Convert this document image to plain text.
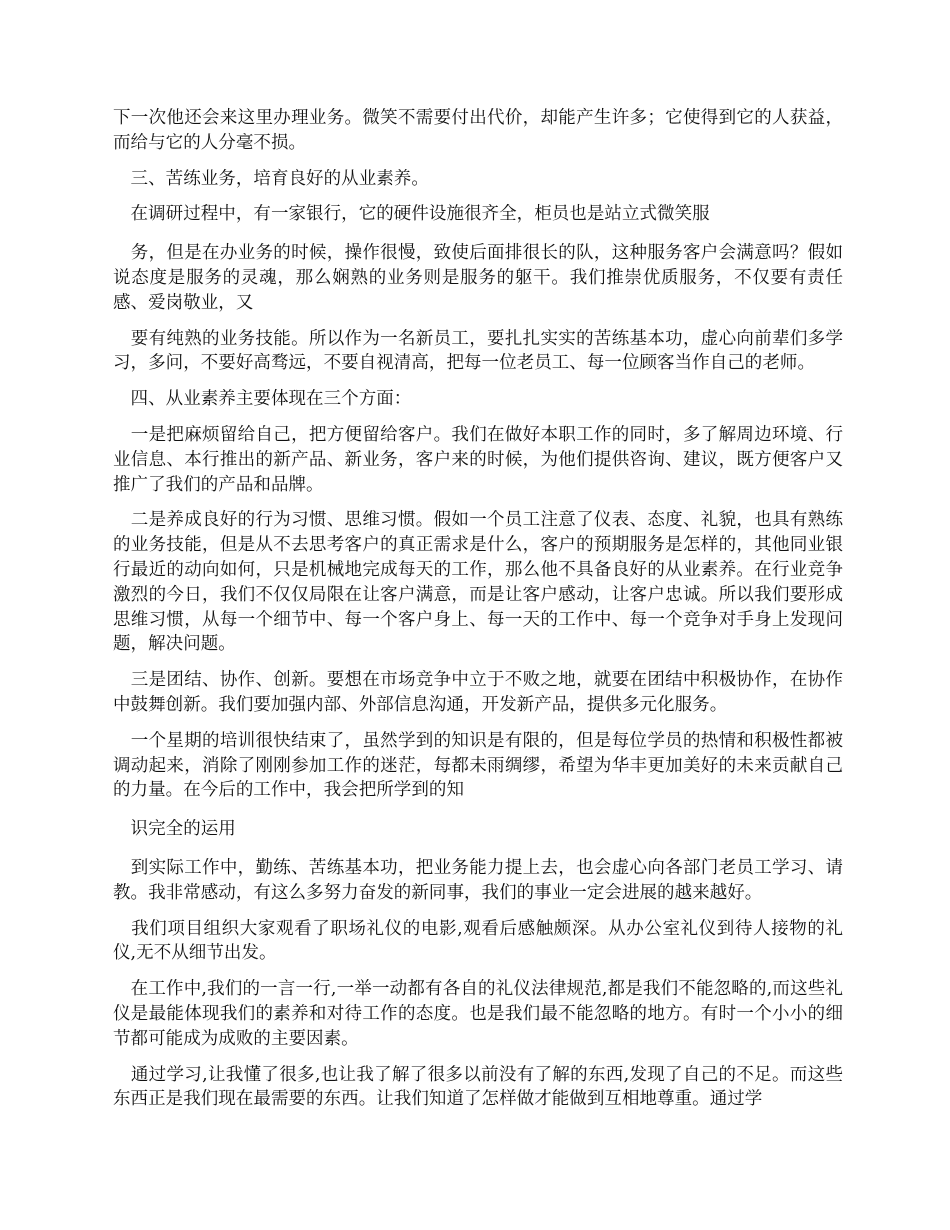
下一次他还会来这里办理业务。微笑不需要付出代价，却能产生许多；它使得到它的人获益，而给与它的人分毫不损。

　三、苦练业务，培育良好的从业素养。

　在调研过程中，有一家银行，它的硬件设施很齐全，柜员也是站立式微笑服

　务，但是在办业务的时候，操作很慢，致使后面排很长的队，这种服务客户会满意吗？假如说态度是服务的灵魂，那么娴熟的业务则是服务的躯干。我们推崇优质服务，不仅要有责任感、爱岗敬业，又

　要有纯熟的业务技能。所以作为一名新员工，要扎扎实实的苦练基本功，虚心向前辈们多学习，多问，不要好高骛远，不要自视清高，把每一位老员工、每一位顾客当作自己的老师。

　四、从业素养主要体现在三个方面：

　一是把麻烦留给自己，把方便留给客户。我们在做好本职工作的同时，多了解周边环境、行业信息、本行推出的新产品、新业务，客户来的时候，为他们提供咨询、建议，既方便客户又推广了我们的产品和品牌。

　二是养成良好的行为习惯、思维习惯。假如一个员工注意了仪表、态度、礼貌，也具有熟练的业务技能，但是从不去思考客户的真正需求是什么，客户的预期服务是怎样的，其他同业银行最近的动向如何，只是机械地完成每天的工作，那么他不具备良好的从业素养。在行业竞争激烈的今日，我们不仅仅局限在让客户满意，而是让客户感动，让客户忠诚。所以我们要形成思维习惯，从每一个细节中、每一个客户身上、每一天的工作中、每一个竞争对手身上发现问题，解决问题。

　三是团结、协作、创新。要想在市场竞争中立于不败之地，就要在团结中积极协作，在协作中鼓舞创新。我们要加强内部、外部信息沟通，开发新产品，提供多元化服务。

　一个星期的培训很快结束了，虽然学到的知识是有限的，但是每位学员的热情和积极性都被调动起来，消除了刚刚参加工作的迷茫，每都未雨绸缪，希望为华丰更加美好的未来贡献自己的力量。在今后的工作中，我会把所学到的知

　识完全的运用

　到实际工作中，勤练、苦练基本功，把业务能力提上去，也会虚心向各部门老员工学习、请教。我非常感动，有这么多努力奋发的新同事，我们的事业一定会进展的越来越好。

　我们项目组织大家观看了职场礼仪的电影,观看后感触颇深。从办公室礼仪到待人接物的礼仪,无不从细节出发。

　在工作中,我们的一言一行,一举一动都有各自的礼仪法律规范,都是我们不能忽略的,而这些礼仪是最能体现我们的素养和对待工作的态度。也是我们最不能忽略的地方。有时一个小小的细节都可能成为成败的主要因素。

　通过学习,让我懂了很多,也让我了解了很多以前没有了解的东西,发现了自己的不足。而这些东西正是我们现在最需要的东西。让我们知道了怎样做才能做到互相地尊重。通过学
